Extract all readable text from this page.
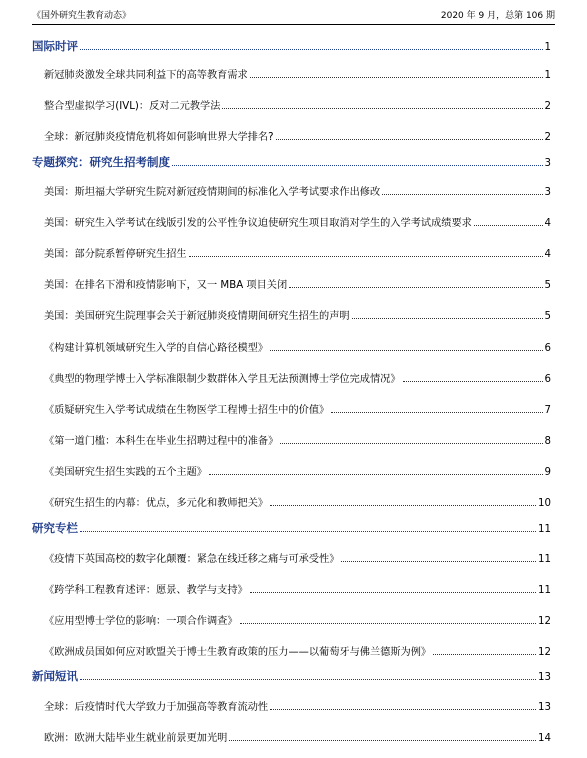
《国外研究生教育动态》	2020 年 9 月，总第 106 期
国际时评	1
新冠肺炎激发全球共同利益下的高等教育需求	1
整合型虚拟学习(IVL)：反对二元教学法	2
全球：新冠肺炎疫情危机将如何影响世界大学排名?	2
专题探究：研究生招考制度	3
美国：斯坦福大学研究生院对新冠疫情期间的标准化入学考试要求作出修改	3
美国：研究生入学考试在线版引发的公平性争议迫使研究生项目取消对学生的入学考试成绩要求	4
美国：部分院系暂停研究生招生	4
美国：在排名下滑和疫情影响下，又一 MBA 项目关闭	5
美国：美国研究生院理事会关于新冠肺炎疫情期间研究生招生的声明	5
《构建计算机领域研究生入学的自信心路径模型》	6
《典型的物理学博士入学标准限制少数群体入学且无法预测博士学位完成情况》	6
《质疑研究生入学考试成绩在生物医学工程博士招生中的价值》	7
《第一道门槛：本科生在毕业生招聘过程中的准备》	8
《美国研究生招生实践的五个主题》	9
《研究生招生的内幕：优点，多元化和教师把关》	10
研究专栏	11
《疫情下英国高校的数字化颠覆：紧急在线迁移之痛与可承受性》	11
《跨学科工程教育述评：愿景、教学与支持》	11
《应用型博士学位的影响：一项合作调查》	12
《欧洲成员国如何应对欧盟关于博士生教育政策的压力——以葡萄牙与佛兰德斯为例》	12
新闻短讯	13
全球：后疫情时代大学致力于加强高等教育流动性	13
欧洲：欧洲大陆毕业生就业前景更加光明	14
